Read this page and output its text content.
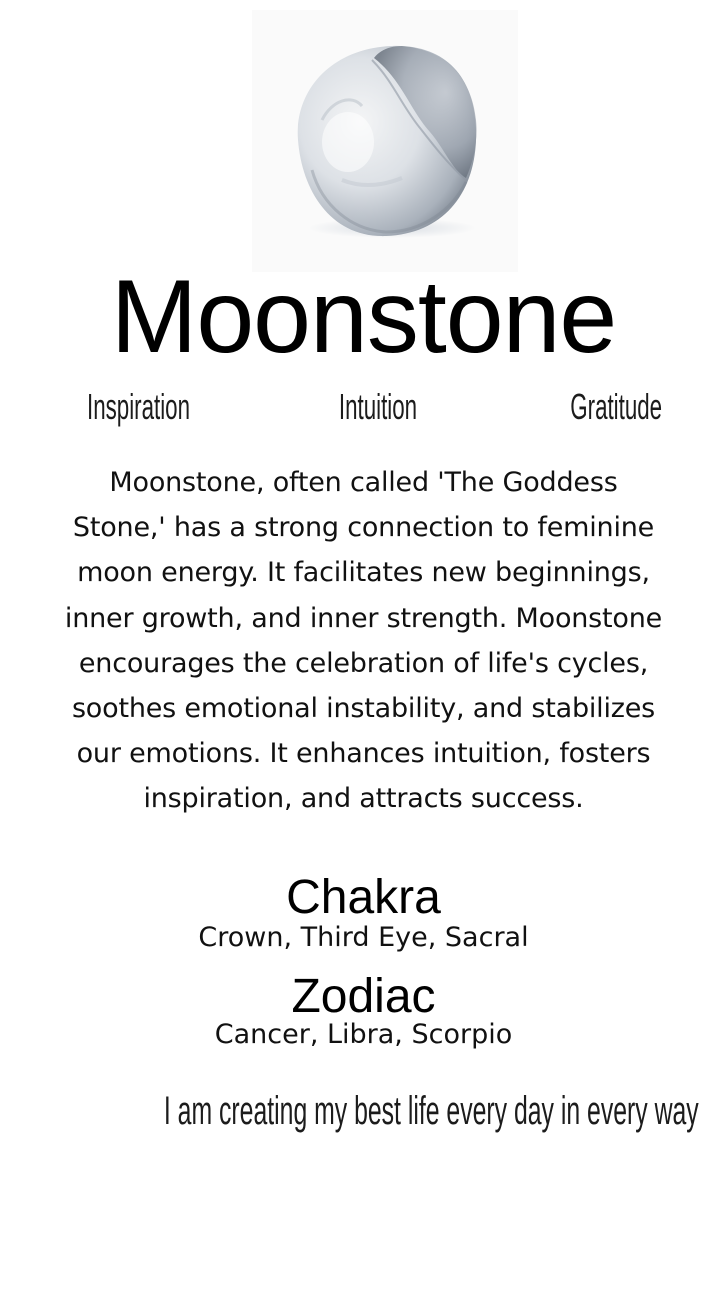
Moonstone
Inspiration	Intuition	Gratitude
Moonstone, often called 'The Goddess Stone,' has a strong connection to feminine moon energy. It facilitates new beginnings, inner growth, and inner strength. Moonstone encourages the celebration of life's cycles, soothes emotional instability, and stabilizes our emotions. It enhances intuition, fosters inspiration, and attracts success.
Chakra
Crown, Third Eye, Sacral
Zodiac
Cancer, Libra, Scorpio
I am creating my best life every day in every way
